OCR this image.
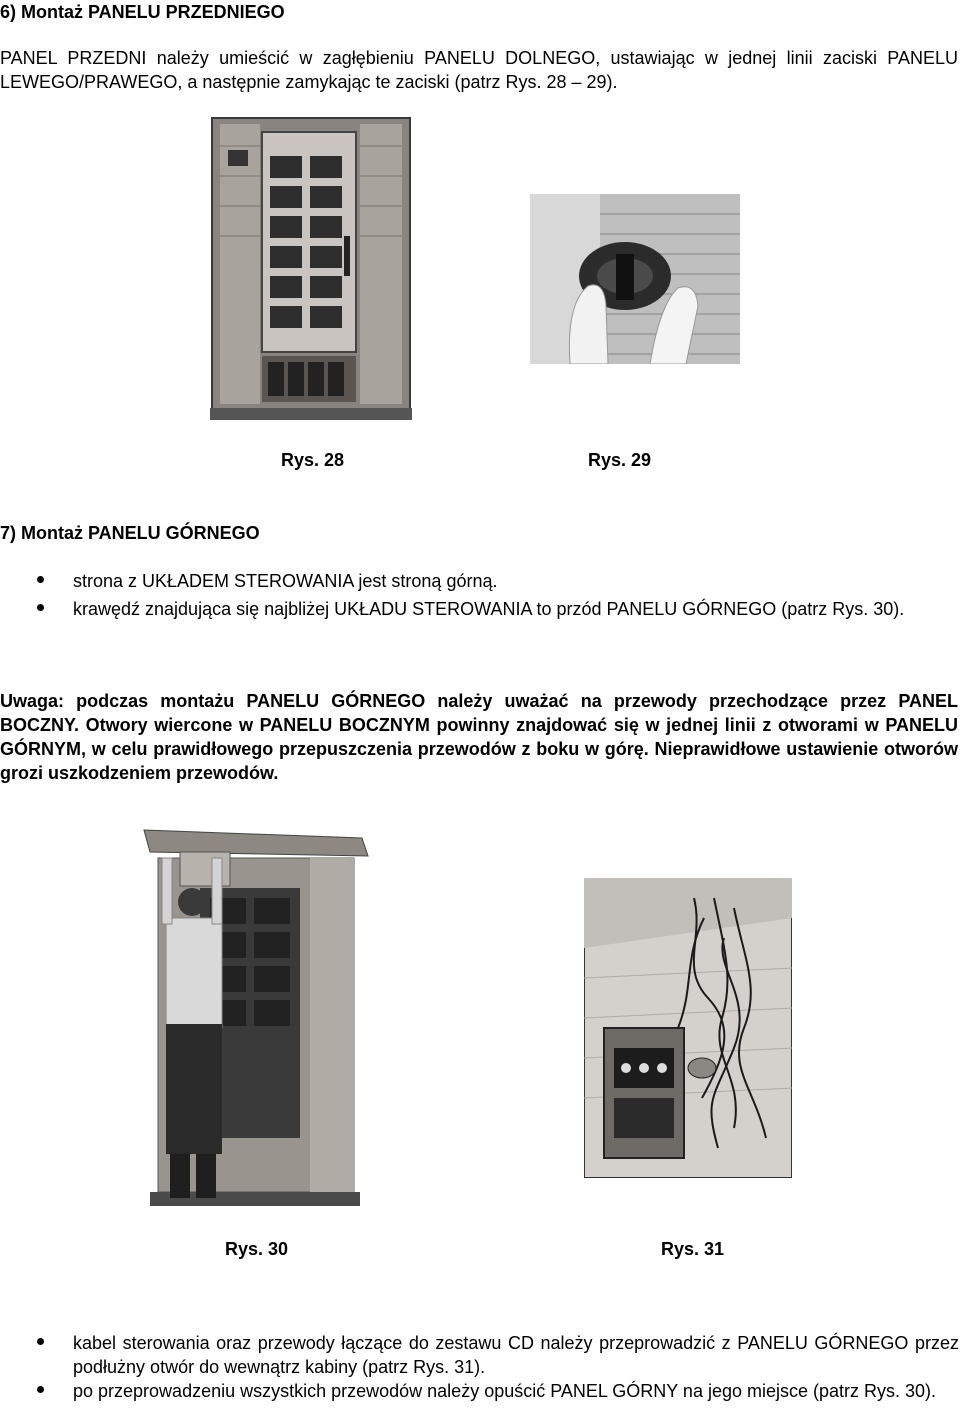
6) Montaż PANELU PRZEDNIEGO
PANEL PRZEDNI należy umieścić w zagłębieniu PANELU DOLNEGO, ustawiając w jednej linii zaciski PANELU LEWEGO/PRAWEGO, a następnie zamykając te zaciski (patrz Rys. 28 – 29).
Rys. 28	Rys. 29
7) Montaż PANELU GÓRNEGO
strona z UKŁADEM STEROWANIA jest stroną górną.
krawędź znajdująca się najbliżej UKŁADU STEROWANIA to przód PANELU GÓRNEGO (patrz Rys. 30).
Uwaga: podczas montażu PANELU GÓRNEGO należy uważać na przewody przechodzące przez PANEL BOCZNY. Otwory wiercone w PANELU BOCZNYM powinny znajdować się w jednej linii z otworami w PANELU GÓRNYM, w celu prawidłowego przepuszczenia przewodów z boku w górę. Nieprawidłowe ustawienie otworów grozi uszkodzeniem przewodów.
Rys. 30	Rys. 31
kabel sterowania oraz przewody łączące do zestawu CD należy przeprowadzić z PANELU GÓRNEGO przez podłużny otwór do wewnątrz kabiny (patrz Rys. 31).
po przeprowadzeniu wszystkich przewodów należy opuścić PANEL GÓRNY na jego miejsce (patrz Rys. 30).
